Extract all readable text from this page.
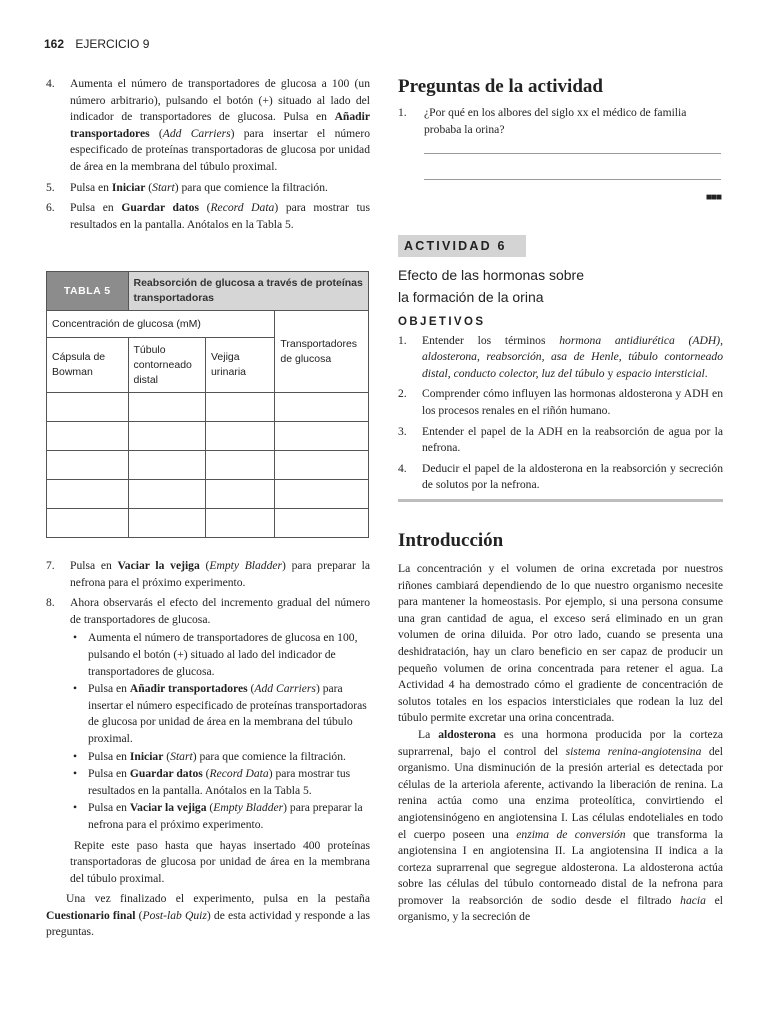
162 EJERCICIO 9
4. Aumenta el número de transportadores de glucosa a 100 (un número arbitrario), pulsando el botón (+) situado al lado del indicador de transportadores de glucosa. Pulsa en Añadir transportadores (Add Carriers) para insertar el número especificado de proteínas transportadoras de glucosa por unidad de área en la membrana del túbulo proximal.
5. Pulsa en Iniciar (Start) para que comience la filtración.
6. Pulsa en Guardar datos (Record Data) para mostrar tus resultados en la pantalla. Anótalos en la Tabla 5.
TABLA 5	Reabsorción de glucosa a través de proteínas transportadoras		
Concentración de glucosa (mM)			Transportadores de glucosa
Cápsula de Bowman	Túbulo contorneado distal	Vejiga urinaria	

7. Pulsa en Vaciar la vejiga (Empty Bladder) para preparar la nefrona para el próximo experimento.
8. Ahora observarás el efecto del incremento gradual del número de transportadores de glucosa.
• Aumenta el número de transportadores de glucosa en 100, pulsando el botón (+) situado al lado del indicador de transportadores de glucosa.
• Pulsa en Añadir transportadores (Add Carriers) para insertar el número especificado de proteínas transportadoras de glucosa por unidad de área en la membrana del túbulo proximal.
• Pulsa en Iniciar (Start) para que comience la filtración.
• Pulsa en Guardar datos (Record Data) para mostrar tus resultados en la pantalla. Anótalos en la Tabla 5.
• Pulsa en Vaciar la vejiga (Empty Bladder) para preparar la nefrona para el próximo experimento.

Repite este paso hasta que hayas insertado 400 proteínas transportadoras de glucosa por unidad de área en la membrana del túbulo proximal.

Una vez finalizado el experimento, pulsa en la pestaña Cuestionario final (Post-lab Quiz) de esta actividad y responde a las preguntas.

Preguntas de la actividad
1. ¿Por qué en los albores del siglo xx el médico de familia probaba la orina?
■■■
ACTIVIDAD 6
Efecto de las hormonas sobre
la formación de la orina
OBJETIVOS
1. Entender los términos hormona antidiurética (ADH), aldosterona, reabsorción, asa de Henle, túbulo contorneado distal, conducto colector, luz del túbulo y espacio intersticial.
2. Comprender cómo influyen las hormonas aldosterona y ADH en los procesos renales en el riñón humano.
3. Entender el papel de la ADH en la reabsorción de agua por la nefrona.
4. Deducir el papel de la aldosterona en la reabsorción y secreción de solutos por la nefrona.
Introducción

La concentración y el volumen de orina excretada por nuestros riñones cambiará dependiendo de lo que nuestro organismo necesite para mantener la homeostasis. Por ejemplo, si una persona consume una gran cantidad de agua, el exceso será eliminado en un gran volumen de orina diluida. Por otro lado, cuando se presenta una deshidratación, hay un claro beneficio en ser capaz de producir un pequeño volumen de orina concentrada para retener el agua. La Actividad 4 ha demostrado cómo el gradiente de concentración de solutos totales en los espacios intersticiales que rodean la luz del túbulo permite excretar una orina concentrada.

La aldosterona es una hormona producida por la corteza suprarrenal, bajo el control del sistema renina-angiotensina del organismo. Una disminución de la presión arterial es detectada por células de la arteriola aferente, activando la liberación de renina. La renina actúa como una enzima proteolítica, convirtiendo el angiotensinógeno en angiotensina I. Las células endoteliales en todo el cuerpo poseen una enzima de conversión que transforma la angiotensina I en angiotensina II. La angiotensina II indica a la corteza suprarrenal que segregue aldosterona. La aldosterona actúa sobre las células del túbulo contorneado distal de la nefrona para promover la reabsorción de sodio desde el filtrado hacia el organismo, y la secreción de
